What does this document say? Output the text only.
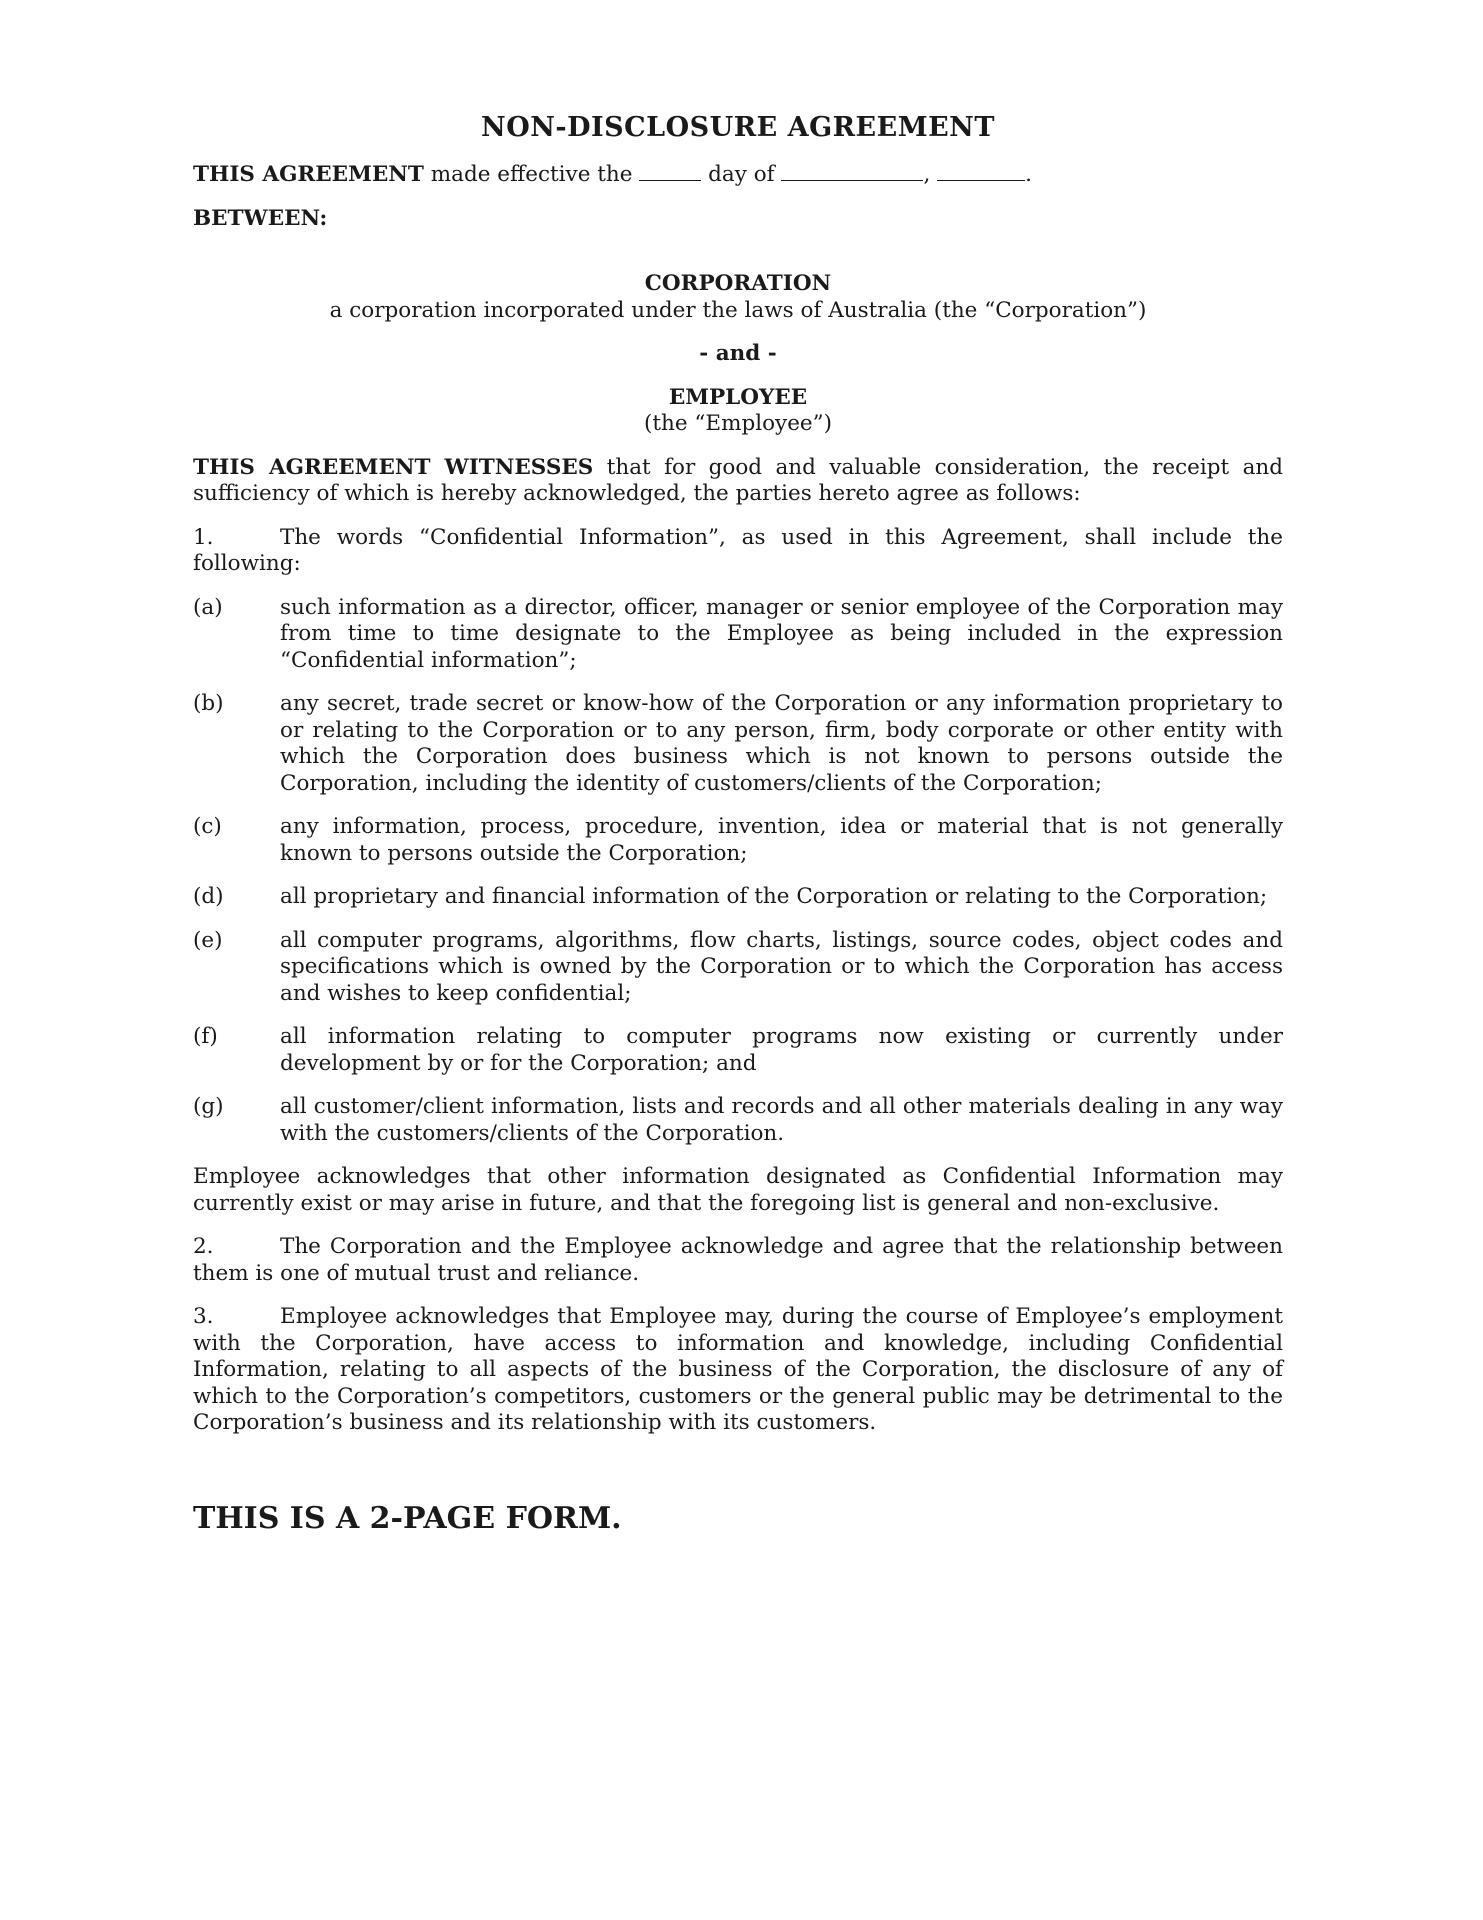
NON-DISCLOSURE AGREEMENT

THIS AGREEMENT made effective the	day of	,	.

BETWEEN:

CORPORATION

a corporation incorporated under the laws of Australia (the “Corporation”)

- and -

EMPLOYEE

(the “Employee”)

THIS AGREEMENT WITNESSES that for good and valuable consideration, the receipt and sufficiency of which is hereby acknowledged, the parties hereto agree as follows:

1.	The words “Confidential Information”, as used in this Agreement, shall include the following:

(a)	such information as a director, officer, manager or senior employee of the Corporation may from time to time designate to the Employee as being included in the expression “Confidential information”;
(b)	any secret, trade secret or know-how of the Corporation or any information proprietary to or relating to the Corporation or to any person, firm, body corporate or other entity with which the Corporation does business which is not known to persons outside the Corporation, including the identity of customers/clients of the Corporation;
(c)	any information, process, procedure, invention, idea or material that is not generally known to persons outside the Corporation;
(d)	all proprietary and financial information of the Corporation or relating to the Corporation;
(e)	all computer programs, algorithms, flow charts, listings, source codes, object codes and specifications which is owned by the Corporation or to which the Corporation has access and wishes to keep confidential;
(f)	all information relating to computer programs now existing or currently under development by or for the Corporation; and
(g)	all customer/client information, lists and records and all other materials dealing in any way with the customers/clients of the Corporation.

Employee acknowledges that other information designated as Confidential Information may currently exist or may arise in future, and that the foregoing list is general and non-exclusive.

2.	The Corporation and the Employee acknowledge and agree that the relationship between them is one of mutual trust and reliance.

3.	Employee acknowledges that Employee may, during the course of Employee’s employment with the Corporation, have access to information and knowledge, including Confidential Information, relating to all aspects of the business of the Corporation, the disclosure of any of which to the Corporation’s competitors, customers or the general public may be detrimental to the Corporation’s business and its relationship with its customers.

THIS IS A 2-PAGE FORM.
